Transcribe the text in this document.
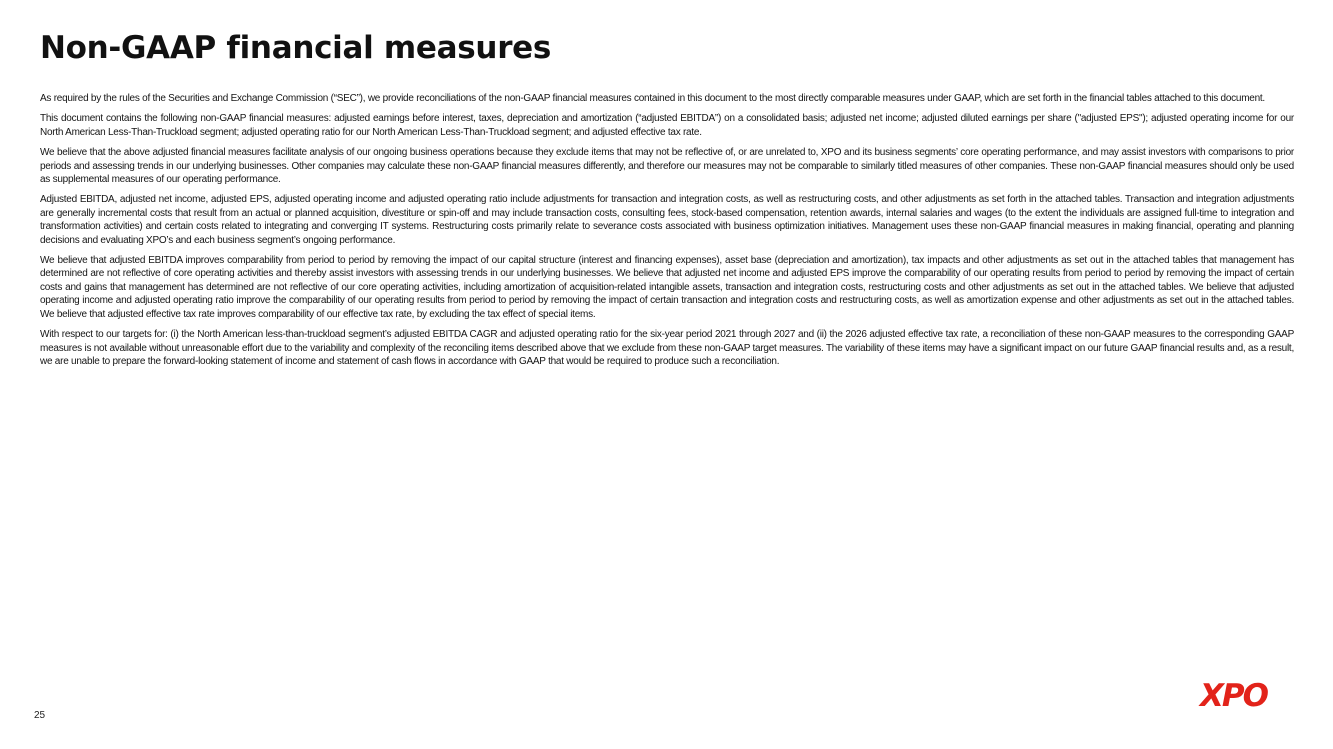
Non-GAAP financial measures

As required by the rules of the Securities and Exchange Commission (“SEC”), we provide reconciliations of the non-GAAP financial measures contained in this document to the most directly comparable measures under GAAP, which are set forth in the financial tables attached to this document.

This document contains the following non-GAAP financial measures: adjusted earnings before interest, taxes, depreciation and amortization (“adjusted EBITDA”) on a consolidated basis; adjusted net income; adjusted diluted earnings per share ("adjusted EPS"); adjusted operating income for our North American Less-Than-Truckload segment; adjusted operating ratio for our North American Less-Than-Truckload segment; and adjusted effective tax rate.

We believe that the above adjusted financial measures facilitate analysis of our ongoing business operations because they exclude items that may not be reflective of, or are unrelated to, XPO and its business segments’ core operating performance, and may assist investors with comparisons to prior periods and assessing trends in our underlying businesses. Other companies may calculate these non-GAAP financial measures differently, and therefore our measures may not be comparable to similarly titled measures of other companies. These non-GAAP financial measures should only be used as supplemental measures of our operating performance.

Adjusted EBITDA, adjusted net income, adjusted EPS, adjusted operating income and adjusted operating ratio include adjustments for transaction and integration costs, as well as restructuring costs, and other adjustments as set forth in the attached tables. Transaction and integration adjustments are generally incremental costs that result from an actual or planned acquisition, divestiture or spin-off and may include transaction costs, consulting fees, stock-based compensation, retention awards, internal salaries and wages (to the extent the individuals are assigned full-time to integration and transformation activities) and certain costs related to integrating and converging IT systems. Restructuring costs primarily relate to severance costs associated with business optimization initiatives. Management uses these non-GAAP financial measures in making financial, operating and planning decisions and evaluating XPO’s and each business segment’s ongoing performance.

We believe that adjusted EBITDA improves comparability from period to period by removing the impact of our capital structure (interest and financing expenses), asset base (depreciation and amortization), tax impacts and other adjustments as set out in the attached tables that management has determined are not reflective of core operating activities and thereby assist investors with assessing trends in our underlying businesses. We believe that adjusted net income and adjusted EPS improve the comparability of our operating results from period to period by removing the impact of certain costs and gains that management has determined are not reflective of our core operating activities, including amortization of acquisition-related intangible assets, transaction and integration costs, restructuring costs and other adjustments as set out in the attached tables. We believe that adjusted operating income and adjusted operating ratio improve the comparability of our operating results from period to period by removing the impact of certain transaction and integration costs and restructuring costs, as well as amortization expense and other adjustments as set out in the attached tables. We believe that adjusted effective tax rate improves comparability of our effective tax rate, by excluding the tax effect of special items.

With respect to our targets for: (i) the North American less-than-truckload segment’s adjusted EBITDA CAGR and adjusted operating ratio for the six-year period 2021 through 2027 and (ii) the 2026 adjusted effective tax rate, a reconciliation of these non-GAAP measures to the corresponding GAAP measures is not available without unreasonable effort due to the variability and complexity of the reconciling items described above that we exclude from these non-GAAP target measures. The variability of these items may have a significant impact on our future GAAP financial results and, as a result, we are unable to prepare the forward-looking statement of income and statement of cash flows in accordance with GAAP that would be required to produce such a reconciliation.

25
XPO
